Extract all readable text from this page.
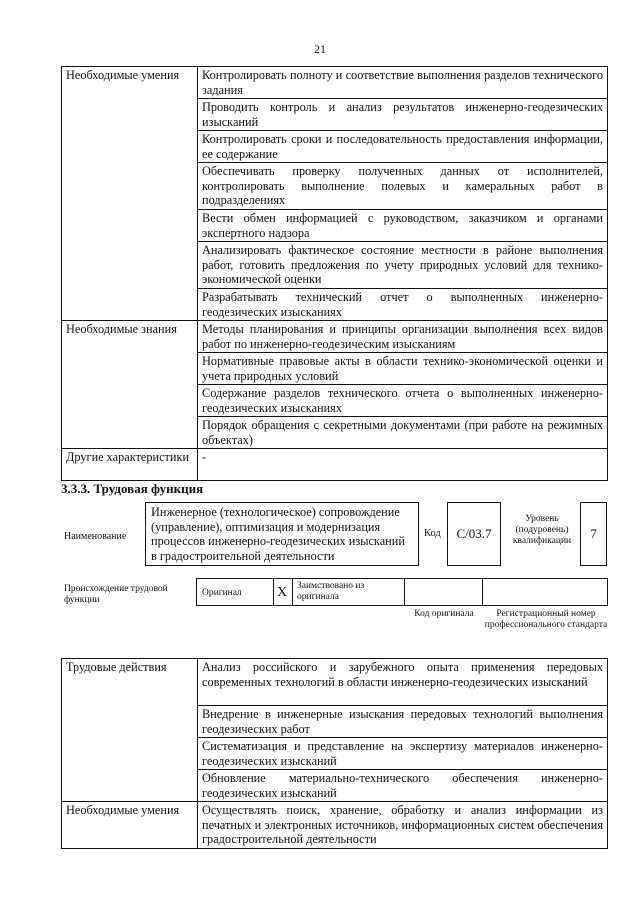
21
Необходимые умения	Контролировать полноту и соответствие выполнения разделов технического задания
	Проводить контроль и анализ результатов инженерно-геодезических изысканий
	Контролировать сроки и последовательность предоставления информации, ее содержание
	Обеспечивать проверку полученных данных от исполнителей, контролировать выполнение полевых и камеральных работ в подразделениях
	Вести обмен информацией с руководством, заказчиком и органами экспертного надзора
	Анализировать фактическое состояние местности в районе выполнения работ, готовить предложения по учету природных условий для технико-экономической оценки
	Разрабатывать технический отчет о выполненных инженерно-геодезических изысканиях
Необходимые знания	Методы планирования и принципы организации выполнения всех видов работ по инженерно-геодезическим изысканиям
	Нормативные правовые акты в области технико-экономической оценки и учета природных условий
	Содержание разделов технического отчета о выполненных инженерно-геодезических изысканиях
	Порядок обращения с секретными документами (при работе на режимных объектах)
Другие характеристики	-
3.3.3. Трудовая функция
Наименование
Инженерное (технологическое) сопровождение (управление), оптимизация и модернизация процессов инженерно-геодезических изысканий в градостроительной деятельности
Код С/03.7
Уровень (подуровень) квалификации	7
Происхождение трудовой функции
Оригинал	X Заимствовано из оригинала
Код оригинала	Регистрационный номер профессионального стандарта
Трудовые действия	Анализ российского и зарубежного опыта применения передовых современных технологий в области инженерно-геодезических изысканий
	Внедрение в инженерные изыскания передовых технологий выполнения геодезических работ
	Систематизация и представление на экспертизу материалов инженерно-геодезических изысканий
	Обновление материально-технического обеспечения инженерно-геодезических изысканий
Необходимые умения	Осуществлять поиск, хранение, обработку и анализ информации из печатных и электронных источников, информационных систем обеспечения градостроительной деятельности
